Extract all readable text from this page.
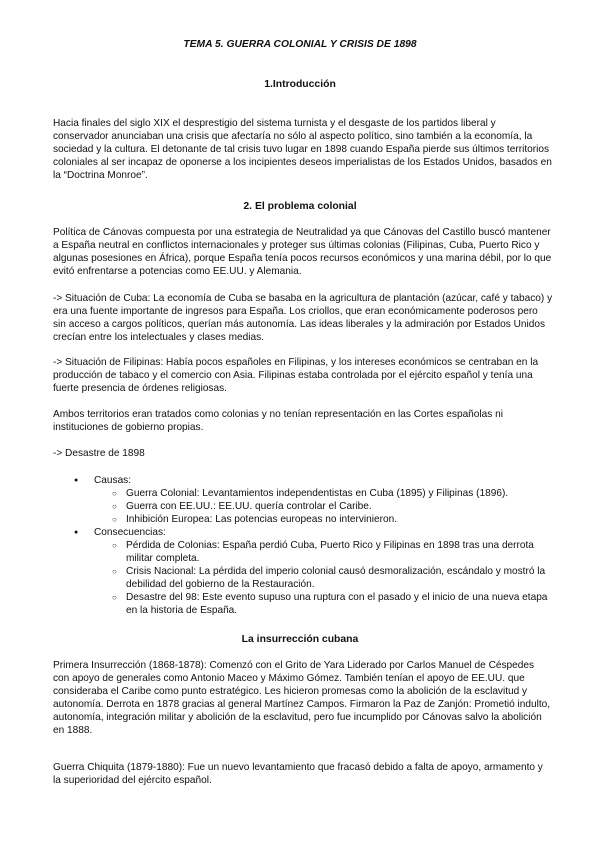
TEMA 5. GUERRA COLONIAL Y CRISIS DE 1898
1.Introducción

Hacia finales del siglo XIX el desprestigio del sistema turnista y el desgaste de los partidos liberal y conservador anunciaban una crisis que afectaría no sólo al aspecto político, sino también a la economía, la sociedad y la cultura. El detonante de tal crisis tuvo lugar en 1898 cuando España pierde sus últimos territorios coloniales al ser incapaz de oponerse a los incipientes deseos imperialistas de los Estados Unidos, basados en la “Doctrina Monroe”.

2. El problema colonial

Política de Cánovas compuesta por una estrategia de Neutralidad ya que Cánovas del Castillo buscó mantener a España neutral en conflictos internacionales y proteger sus últimas colonias (Filipinas, Cuba, Puerto Rico y algunas posesiones en África), porque España tenía pocos recursos económicos y una marina débil, por lo que evitó enfrentarse a potencias como EE.UU. y Alemania.

-> Situación de Cuba: La economía de Cuba se basaba en la agricultura de plantación (azúcar, café y tabaco) y era una fuente importante de ingresos para España. Los criollos, que eran económicamente poderosos pero sin acceso a cargos políticos, querían más autonomía. Las ideas liberales y la admiración por Estados Unidos crecían entre los intelectuales y clases medias.

-> Situación de Filipinas: Había pocos españoles en Filipinas, y los intereses económicos se centraban en la producción de tabaco y el comercio con Asia. Filipinas estaba controlada por el ejército español y tenía una fuerte presencia de órdenes religiosas.

Ambos territorios eran tratados como colonias y no tenían representación en las Cortes españolas ni instituciones de gobierno propias.

-> Desastre de 1898

● Causas:
○ Guerra Colonial: Levantamientos independentistas en Cuba (1895) y Filipinas (1896).
○ Guerra con EE.UU.: EE.UU. quería controlar el Caribe.
○ Inhibición Europea: Las potencias europeas no intervinieron.
● Consecuencias:
○ Pérdida de Colonias: España perdió Cuba, Puerto Rico y Filipinas en 1898 tras una derrota militar completa.
○ Crisis Nacional: La pérdida del imperio colonial causó desmoralización, escándalo y mostró la debilidad del gobierno de la Restauración.
○ Desastre del 98: Este evento supuso una ruptura con el pasado y el inicio de una nueva etapa en la historia de España.
La insurrección cubana

Primera Insurrección (1868-1878): Comenzó con el Grito de Yara Liderado por Carlos Manuel de Céspedes con apoyo de generales como Antonio Maceo y Máximo Gómez. También tenían el apoyo de EE.UU. que consideraba el Caribe como punto estratégico. Les hicieron promesas como la abolición de la esclavitud y autonomía. Derrota en 1878 gracias al general Martínez Campos. Firmaron la Paz de Zanjón: Prometió indulto, autonomía, integración militar y abolición de la esclavitud, pero fue incumplido por Cánovas salvo la abolición en 1888.

Guerra Chiquita (1879-1880): Fue un nuevo levantamiento que fracasó debido a falta de apoyo, armamento y la superioridad del ejército español.
